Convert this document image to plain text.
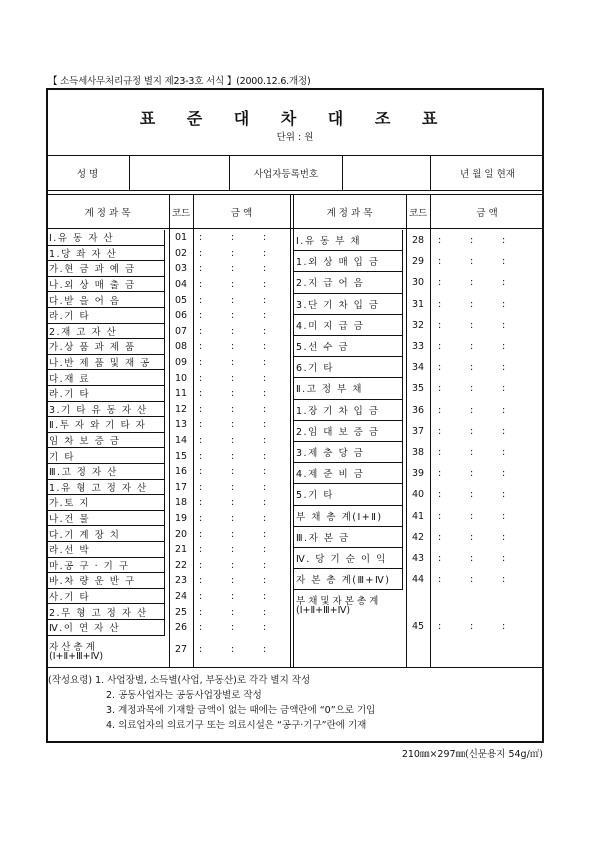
【 소득세사무처리규정 별지 제23-3호 서식 】(2000.12.6.개정)
표 준 대 차 대 조 표
단위 : 원
성 명	사업자등록번호	년 월 일 현재
계 정 과 목	코드	금 액	계 정 과 목	코드	금 액
Ⅰ.유 동 자 산	01	:	:	:
1.당 좌 자 산	02	:	:	:
가.현 금 과 예 금	03	:	:	:
나.외 상 매 출 금	04	:	:	:
다.받 을 어 음	05	:	:	:
라.기 타	06	:	:	:
2.재 고 자 산	07	:	:	:
가.상 품 과 제 품	08	:	:	:
나.반 제 품 및 재 공	09	:	:	:
다.재 료	10	:	:	:
라.기 타	11	:	:	:
3.기 타 유 동 자 산	12	:	:	:
Ⅱ.투 자 와 기 타 자	13	:	:	:
임 차 보 증 금	14	:	:	:
기 타	15	:	:	:
Ⅲ.고 정 자 산	16	:	:	:
1.유 형 고 정 자 산	17	:	:	:
가.토 지	18	:	:	:
나.건 물	19	:	:	:
다.기 계 장 치	20	:	:	:
라.선 박	21	:	:	:
마.공 구 · 기 구	22	:	:	:
바.차 량 운 반 구	23	:	:	:
사.기 타	24	:	:	:
2.무 형 고 정 자 산	25	:	:	:
Ⅳ.이 연 자 산	26	:	:	:
자 산 총 계
(Ⅰ+Ⅱ+Ⅲ+Ⅳ)
27	:	:	:
Ⅰ.유 동 부 채	28	:	:	:
1.외 상 매 입 금	29	:	:	:
2.지 급 어 음	30	:	:	:
3.단 기 차 입 금	31	:	:	:
4.미 지 급 금	32	:	:	:
5.선 수 금	33	:	:	:
6.기 타	34	:	:	:
Ⅱ.고 정 부 채	35	:	:	:
1.장 기 차 입 금	36	:	:	:
2.임 대 보 증 금	37	:	:	:
3.제 충 당 금	38	:	:	:
4.제 준 비 금	39	:	:	:
5.기 타	40	:	:	:
부 채 총 계(Ⅰ+Ⅱ)	41	:	:	:
Ⅲ.자 본 금	42	:	:	:
Ⅳ. 당 기 순 이 익	43	:	:	:
자 본 총 계(Ⅲ+Ⅳ)	44	:	:	:
부 채 및 자 본 총 계
(Ⅰ+Ⅱ+Ⅲ+Ⅳ)
45	:	:	:
(작성요령) 1. 사업장별, 소득별(사업, 부동산)로 각각 별지 작성
2. 공동사업자는 공동사업장별로 작성
3. 계정과목에 기재할 금액이 없는 때에는 금액란에 “0”으로 기입
4. 의료업자의 의료기구 또는 의료시설은 “공구·기구”란에 기재
210㎜×297㎜(신문용지 54g/㎡)
